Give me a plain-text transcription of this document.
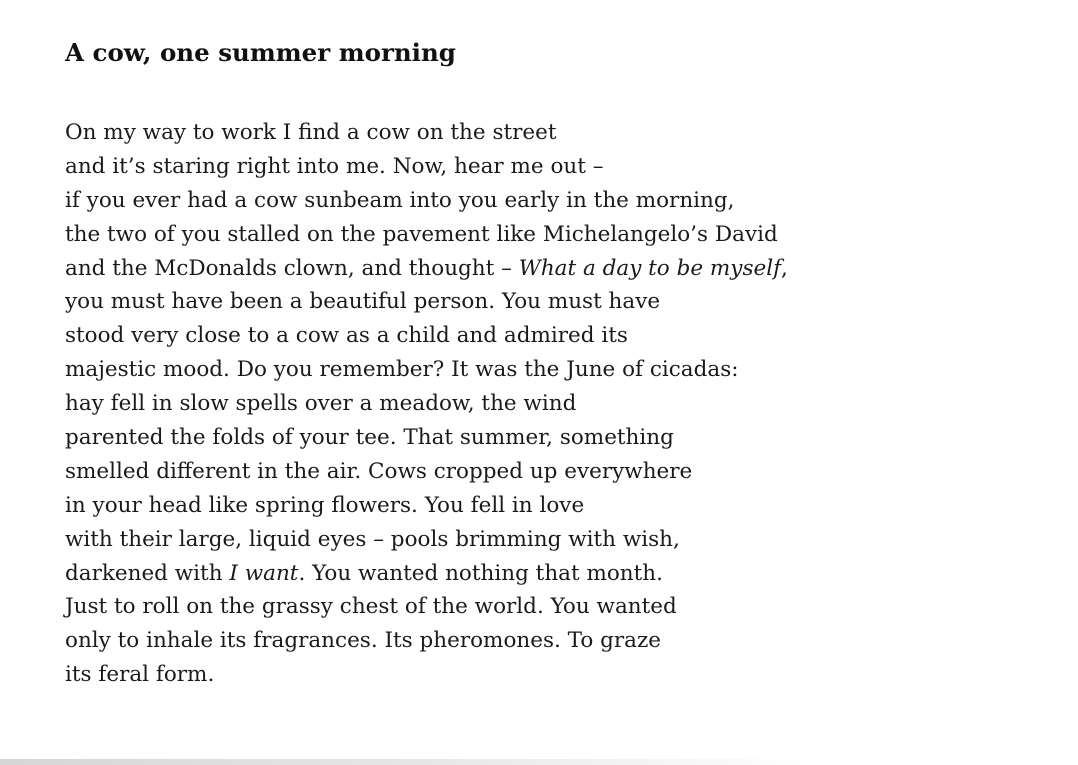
A cow, one summer morning
On my way to work I find a cow on the street
and it’s staring right into me. Now, hear me out –
if you ever had a cow sunbeam into you early in the morning,
the two of you stalled on the pavement like Michelangelo’s David
and the McDonalds clown, and thought – What a day to be myself,
you must have been a beautiful person. You must have
stood very close to a cow as a child and admired its
majestic mood. Do you remember? It was the June of cicadas:
hay fell in slow spells over a meadow, the wind
parented the folds of your tee. That summer, something
smelled different in the air. Cows cropped up everywhere
in your head like spring flowers. You fell in love
with their large, liquid eyes – pools brimming with wish,
darkened with I want. You wanted nothing that month.
Just to roll on the grassy chest of the world. You wanted
only to inhale its fragrances. Its pheromones. To graze
its feral form.
